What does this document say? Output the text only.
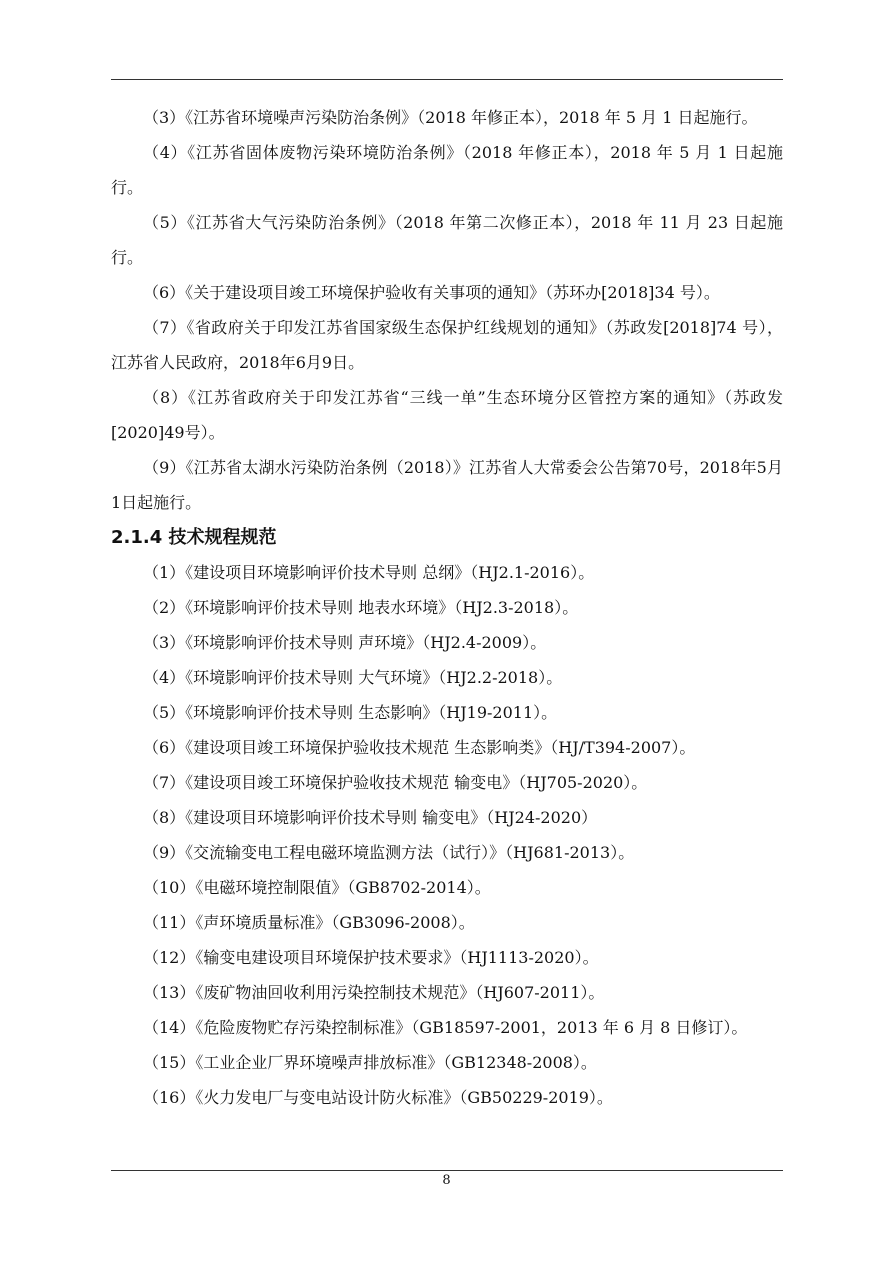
（3）《江苏省环境噪声污染防治条例》（2018 年修正本），2018 年 5 月 1 日起施行。

（4）《江苏省固体废物污染环境防治条例》（2018 年修正本），2018 年 5 月 1 日起施行。

（5）《江苏省大气污染防治条例》（2018 年第二次修正本），2018 年 11 月 23 日起施行。

（6）《关于建设项目竣工环境保护验收有关事项的通知》（苏环办[2018]34 号）。

（7）《省政府关于印发江苏省国家级生态保护红线规划的通知》（苏政发[2018]74 号），江苏省人民政府，2018年6月9日。

（8）《江苏省政府关于印发江苏省“三线一单”生态环境分区管控方案的通知》（苏政发[2020]49号）。

（9）《江苏省太湖水污染防治条例（2018）》江苏省人大常委会公告第70号，2018年5月1日起施行。

2.1.4 技术规程规范

（1）《建设项目环境影响评价技术导则 总纲》（HJ2.1-2016）。

（2）《环境影响评价技术导则 地表水环境》（HJ2.3-2018）。

（3）《环境影响评价技术导则 声环境》（HJ2.4-2009）。

（4）《环境影响评价技术导则 大气环境》（HJ2.2-2018）。

（5）《环境影响评价技术导则 生态影响》（HJ19-2011）。

（6）《建设项目竣工环境保护验收技术规范 生态影响类》（HJ/T394-2007）。

（7）《建设项目竣工环境保护验收技术规范 输变电》（HJ705-2020）。

（8）《建设项目环境影响评价技术导则 输变电》（HJ24-2020）

（9）《交流输变电工程电磁环境监测方法（试行）》（HJ681-2013）。

（10）《电磁环境控制限值》（GB8702-2014）。

（11）《声环境质量标准》（GB3096-2008）。

（12）《输变电建设项目环境保护技术要求》（HJ1113-2020）。

（13）《废矿物油回收利用污染控制技术规范》（HJ607-2011）。

（14）《危险废物贮存污染控制标准》（GB18597-2001，2013 年 6 月 8 日修订）。

（15）《工业企业厂界环境噪声排放标准》（GB12348-2008）。

（16）《火力发电厂与变电站设计防火标准》（GB50229-2019）。

8
